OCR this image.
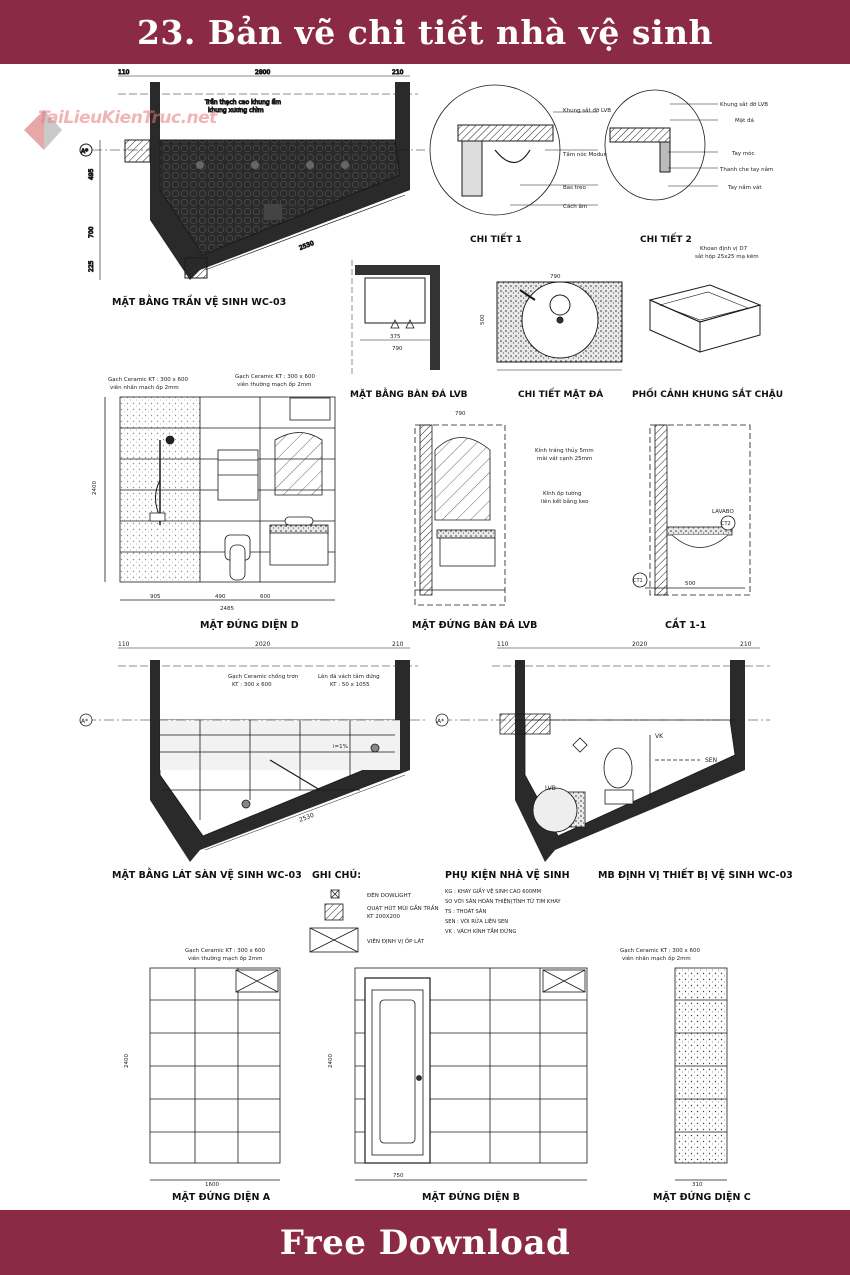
23. Bản vẽ chi tiết nhà vệ sinh
110	2800	210
2530
495
700
225
A*
Trần thạch cao khung ẩm
khung xương chìm
MẶT BẰNG TRẦN VỆ SINH WC-03
Khung sắt đỡ LVB
Tấm nóc Modun
Bas treo
Cách âm
CHI TIẾT 1
Khung sắt đỡ LVB
Mặt đá
Tay móc
Thanh che tay nắm
Tay nắm vát
CHI TIẾT 2
375
790
MẶT BẰNG BÀN ĐÁ LVB
790
500
CHI TIẾT MẶT ĐÁ
Khoan định vị D7
sắt hộp 25x25 mạ kẽm
PHỐI CẢNH KHUNG SẮT CHẬU
Gạch Ceramic KT : 300 x 600
viên nhấn mạch ốp 2mm
Gạch Ceramic KT : 300 x 600
viên thường mạch ốp 2mm
905	490	600
2485
2400
MẶT ĐỨNG DIỆN D
790
Kính tráng thủy 5mm
mài vát cạnh 25mm
Kính ốp tường
liên kết bằng keo
MẶT ĐỨNG BÀN ĐÁ LVB
LAVABO
CT1
CT2
500
CẮT 1-1
A*
110	2020	210
Gạch Ceramic chống trơn
KT : 300 x 600
Lên đá vách tắm đứng
KT : 50 x 1055
i=1%
2530
MẶT BẰNG LÁT SÀN VỆ SINH WC-03 GHI CHÚ:
ĐÈN DOWLIGHT
QUẠT HÚT MÙI GẮN TRẦN
KT 200X200
VIÊN ĐỊNH VỊ ỐP LÁT
A*
110	2020	210
LVB
VK
SEN
PHỤ KIỆN NHÀ VỆ SINH	MB ĐỊNH VỊ THIẾT BỊ VỆ SINH WC-03
KG : KHAY GIẤY VỆ SINH CAO 600MM
SO VỚI SÀN HOÀN THIỆN(TÍNH TỪ TIM KHAY
TS : THOÁT SÀN
SEN : VÒI RỬA LIÊN SEN
VK : VÁCH KÍNH TẮM ĐỨNG
Gạch Ceramic KT : 300 x 600
viên thường mạch ốp 2mm
1600
2400
MẶT ĐỨNG DIỆN A
750
2400
MẶT ĐỨNG DIỆN B
Gạch Ceramic KT : 300 x 600
viên nhấn mạch ốp 2mm
310
MẶT ĐỨNG DIỆN C
TaiLieuKienTruc.net
Free Download
